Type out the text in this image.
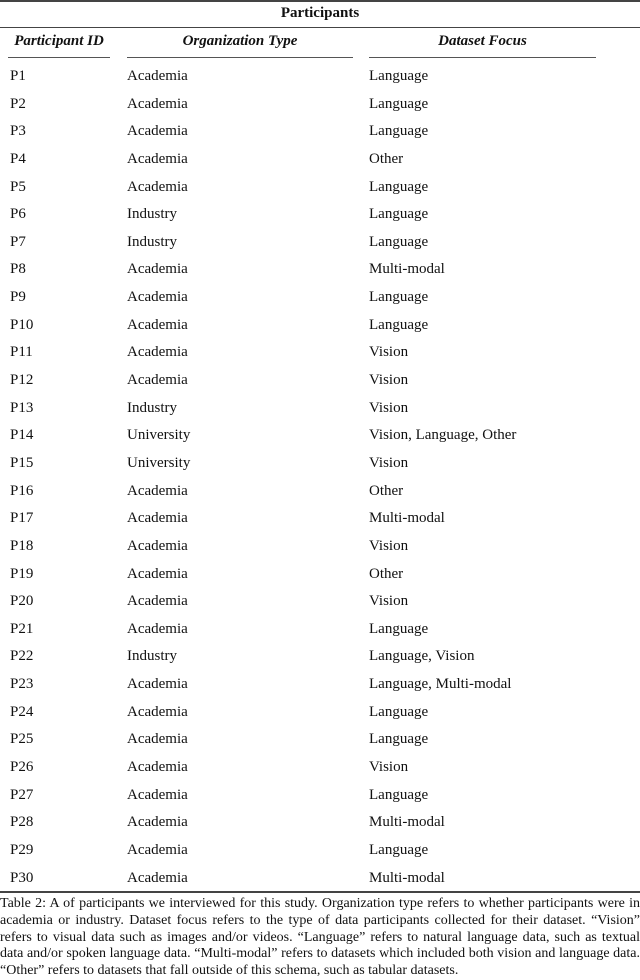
Participants
Participant ID	Organization Type	Dataset Focus
P1	Academia	Language
P2	Academia	Language
P3	Academia	Language
P4	Academia	Other
P5	Academia	Language
P6	Industry	Language
P7	Industry	Language
P8	Academia	Multi-modal
P9	Academia	Language
P10	Academia	Language
P11	Academia	Vision
P12	Academia	Vision
P13	Industry	Vision
P14	University	Vision, Language, Other
P15	University	Vision
P16	Academia	Other
P17	Academia	Multi-modal
P18	Academia	Vision
P19	Academia	Other
P20	Academia	Vision
P21	Academia	Language
P22	Industry	Language, Vision
P23	Academia	Language, Multi-modal
P24	Academia	Language
P25	Academia	Language
P26	Academia	Vision
P27	Academia	Language
P28	Academia	Multi-modal
P29	Academia	Language
P30	Academia	Multi-modal
Table 2: A of participants we interviewed for this study. Organization type refers to whether participants were in academia or industry. Dataset focus refers to the type of data participants collected for their dataset. “Vision” refers to visual data such as images and/or videos. “Language” refers to natural language data, such as textual data and/or spoken language data. “Multi-modal” refers to datasets which included both vision and language data. “Other” refers to datasets that fall outside of this schema, such as tabular datasets.
